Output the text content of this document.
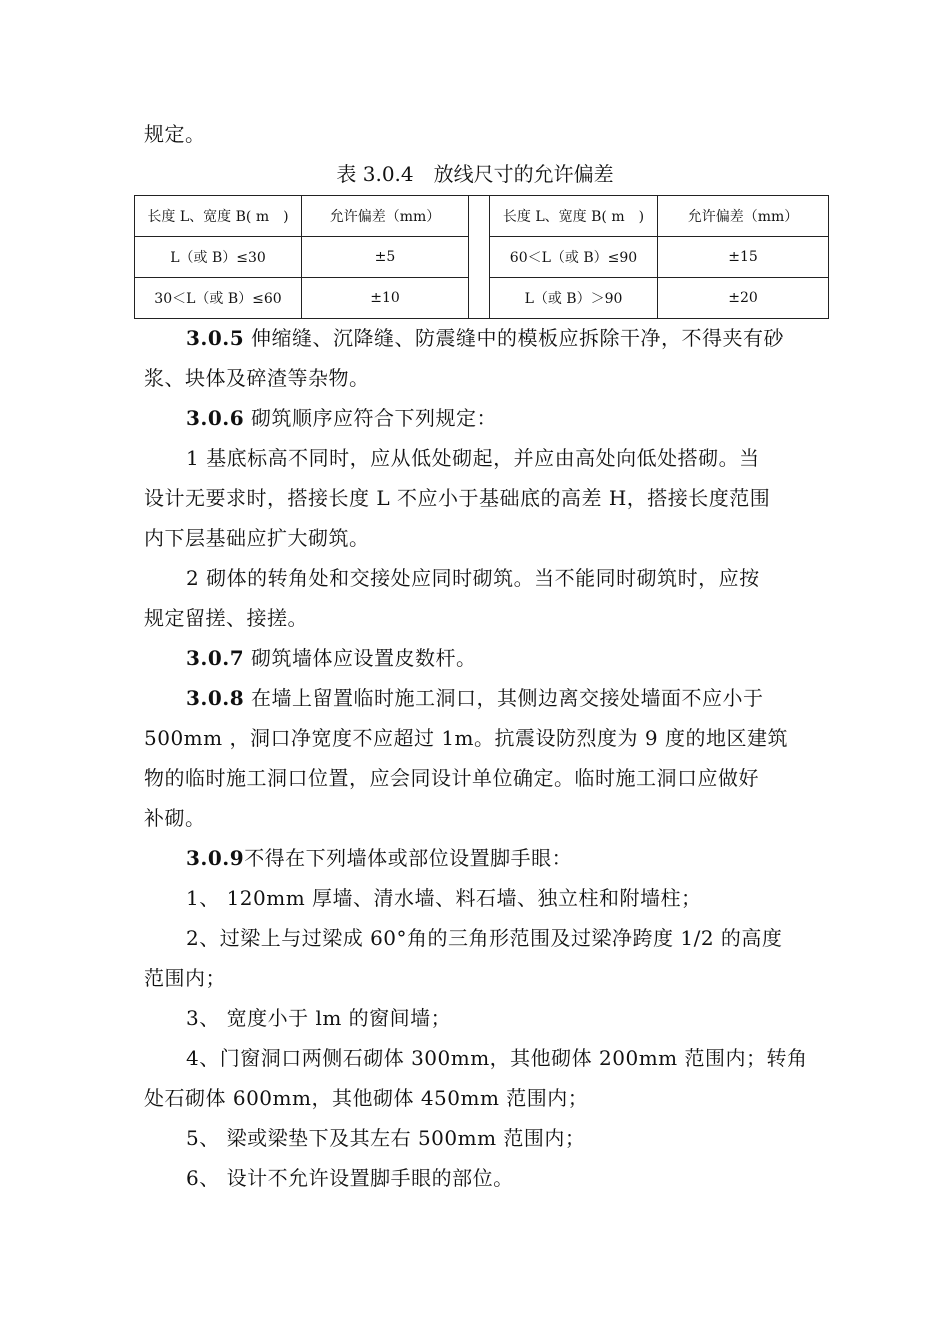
规定。
表 3.0.4　放线尺寸的允许偏差
长度 L、宽度 B( m　)	允许偏差（mm）		长度 L、宽度 B( m　)	允许偏差（mm）
L（或 B）≤30	±5		60＜L（或 B）≤90	±15
30＜L（或 B）≤60	±10		L（或 B）＞90	±20
3.0.5 伸缩缝、沉降缝、防震缝中的模板应拆除干净，不得夹有砂
浆、块体及碎渣等杂物。
3.0.6 砌筑顺序应符合下列规定：
1 基底标高不同时，应从低处砌起，并应由高处向低处搭砌。当
设计无要求时，搭接长度 L 不应小于基础底的高差 H，搭接长度范围
内下层基础应扩大砌筑。
2 砌体的转角处和交接处应同时砌筑。当不能同时砌筑时，应按
规定留搓、接搓。
3.0.7 砌筑墙体应设置皮数杆。
3.0.8 在墙上留置临时施工洞口，其侧边离交接处墙面不应小于
500mm ，洞口净宽度不应超过 1m。抗震设防烈度为 9 度的地区建筑
物的临时施工洞口位置，应会同设计单位确定。临时施工洞口应做好
补砌。
3.0.9不得在下列墙体或部位设置脚手眼：
1、 120mm 厚墙、清水墙、料石墙、独立柱和附墙柱；
2、过梁上与过梁成 60°角的三角形范围及过梁净跨度 1/2 的高度
范围内；
3、 宽度小于 lm 的窗间墙；
4、门窗洞口两侧石砌体 300mm，其他砌体 200mm 范围内；转角
处石砌体 600mm，其他砌体 450mm 范围内；
5、 梁或梁垫下及其左右 500mm 范围内；
6、 设计不允许设置脚手眼的部位。
